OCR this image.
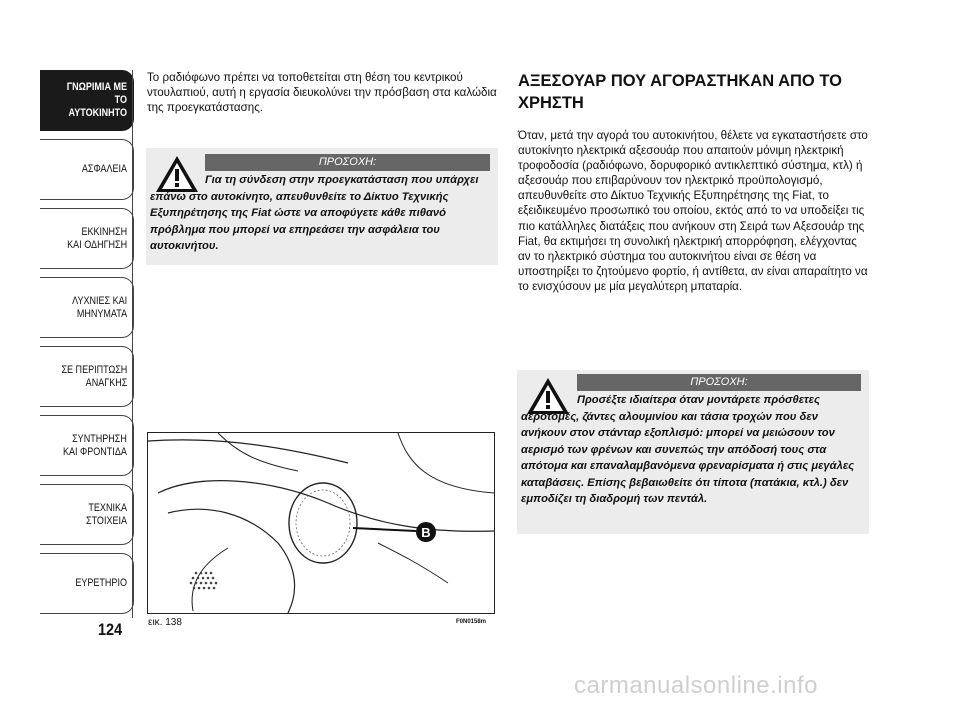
ΓΝΩΡΙΜΙΑ ΜΕ
ΤΟ ΑΥΤΟΚΙΝΗΤΟ
ΑΣΦΑΛΕΙΑ
ΕΚΚΙΝΗΣΗ
ΚΑΙ ΟΔΗΓΗΣΗ
ΛΥΧΝΙΕΣ ΚΑΙ
ΜΗΝΥΜΑΤΑ
ΣΕ ΠΕΡΙΠΤΩΣΗ
ΑΝΑΓΚΗΣ
ΣΥΝΤΗΡΗΣΗ
ΚΑΙ ΦΡΟΝΤΙΔΑ
ΤΕΧΝΙΚΑ
ΣΤΟΙΧΕΙΑ
ΕΥΡΕΤΗΡΙΟ
124
Το ραδιόφωνο πρέπει να τοποθετείται στη θέση του κεντρικού ντουλαπιού, αυτή η εργασία διευκολύνει την πρόσβαση στα καλώδια της προεγκατάστασης.
ΠΡΟΣΟΧΗ:
Για τη σύνδεση στην προεγκατάσταση που υπάρχει επάνω στο αυτοκίνητο, απευθυνθείτε το Δίκτυο Τεχνικής Εξυπηρέτησης της Fiat ώστε να αποφύγετε κάθε πιθανό πρόβλημα που μπορεί να επηρεάσει την ασφάλεια του αυτοκινήτου.
B
εικ. 138	F0N0158m
ΑΞΕΣΟΥΑΡ ΠΟΥ ΑΓΟΡΑΣΤΗΚΑΝ ΑΠΟ ΤΟ ΧΡΗΣΤΗ
Όταν, μετά την αγορά του αυτοκινήτου, θέλετε να εγκαταστήσετε στο αυτοκίνητο ηλεκτρικά αξεσουάρ που απαιτούν μόνιμη ηλεκτρική τροφοδοσία (ραδιόφωνο, δορυφορικό αντικλεπτικό σύστημα, κτλ) ή αξεσουάρ που επιβαρύνουν τον ηλεκτρικό προϋπολογισμό, απευθυνθείτε στο Δίκτυο Τεχνικής Εξυπηρέτησης της Fiat, το εξειδικευμένο προσωπικό του οποίου, εκτός από το να υποδείξει τις πιο κατάλληλες διατάξεις που ανήκουν στη Σειρά των Αξεσουάρ της Fiat, θα εκτιμήσει τη συνολική ηλεκτρική απορρόφηση, ελέγχοντας αν το ηλεκτρικό σύστημα του αυτοκινήτου είναι σε θέση να υποστηρίξει το ζητούμενο φορτίο, ή αντίθετα, αν είναι απαραίτητο να το ενισχύσουν με μία μεγαλύτερη μπαταρία.
ΠΡΟΣΟΧΗ:
Προσέξτε ιδιαίτερα όταν μοντάρετε πρόσθετες αεροτομές, ζάντες αλουμινίου και τάσια τροχών που δεν ανήκουν στον στάνταρ εξοπλισμό: μπορεί να μειώσουν τον αερισμό των φρένων και συνεπώς την απόδοσή τους στα απότομα και επαναλαμβανόμενα φρεναρίσματα ή στις μεγάλες καταβάσεις. Επίσης βεβαιωθείτε ότι τίποτα (πατάκια, κτλ.) δεν εμποδίζει τη διαδρομή των πεντάλ.
carmanualsonline.info
